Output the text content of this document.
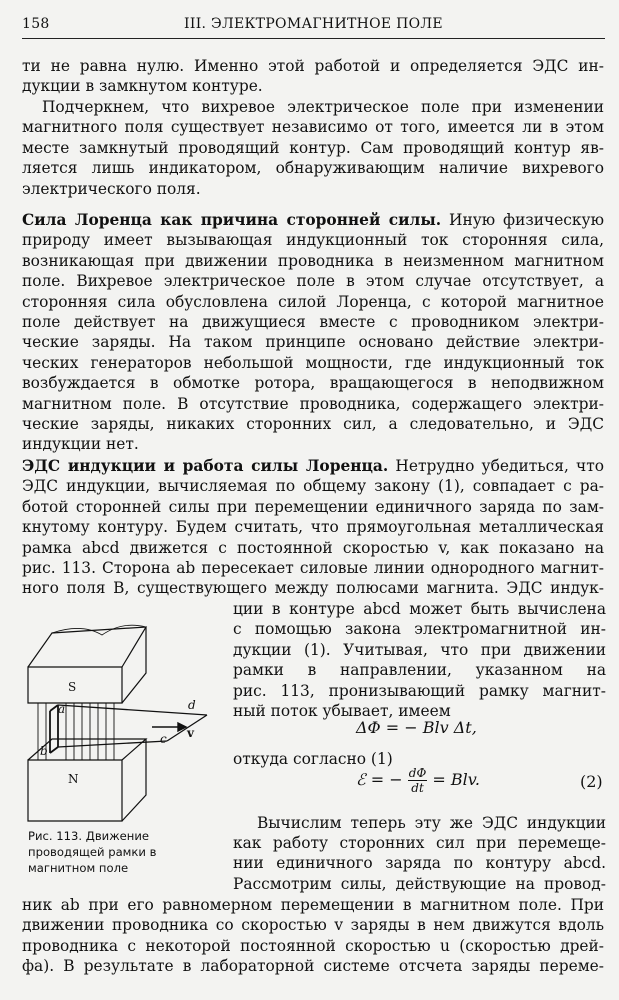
158	III. ЭЛЕКТРОМАГНИТНОЕ ПОЛЕ
ти не равна нулю. Именно этой работой и определяется ЭДС ин-
дукции в замкнутом контуре.
Подчеркнем, что вихревое электрическое поле при изменении
магнитного поля существует независимо от того, имеется ли в этом
месте замкнутый проводящий контур. Сам проводящий контур яв-
ляется лишь индикатором, обнаруживающим наличие вихревого
электрического поля.
Сила Лоренца как причина сторонней силы. Иную физическую
природу имеет вызывающая индукционный ток сторонняя сила,
возникающая при движении проводника в неизменном магнитном
поле. Вихревое электрическое поле в этом случае отсутствует, а
сторонняя сила обусловлена силой Лоренца, с которой магнитное
поле действует на движущиеся вместе с проводником электри-
ческие заряды. На таком принципе основано действие электри-
ческих генераторов небольшой мощности, где индукционный ток
возбуждается в обмотке ротора, вращающегося в неподвижном
магнитном поле. В отсутствие проводника, содержащего электри-
ческие заряды, никаких сторонних сил, а следовательно, и ЭДС
индукции нет.
ЭДС индукции и работа силы Лоренца. Нетрудно убедиться, что
ЭДС индукции, вычисляемая по общему закону (1), совпадает с ра-
ботой сторонней силы при перемещении единичного заряда по зам-
кнутому контуру. Будем считать, что прямоугольная металлическая
рамка abcd движется с постоянной скоростью v, как показано на
рис. 113. Сторона ab пересекает силовые линии однородного магнит-
ного поля B, существующего между полюсами магнита. ЭДС индук-
S
N
a
b
c
d
v
Рис. 113. Движение проводящей рамки в магнитном поле
ции в контуре abcd может быть вычислена
с помощью закона электромагнитной ин-
дукции (1). Учитывая, что при движении
рамки в направлении, указанном на
рис. 113, пронизывающий рамку магнит-
ный поток убывает, имеем
ΔΦ = − Blv Δt,
откуда согласно (1)
ℰ = − $\frac{d\Phi}{dt}$ = Blv.	(2)
Вычислим теперь эту же ЭДС индукции
как работу сторонних сил при перемеще-
нии единичного заряда по контуру abcd.
Рассмотрим силы, действующие на провод-
ник ab при его равномерном перемещении в магнитном поле. При
движении проводника со скоростью v заряды в нем движутся вдоль
проводника с некоторой постоянной скоростью u (скоростью дрей-
фа). В результате в лабораторной системе отсчета заряды переме-
